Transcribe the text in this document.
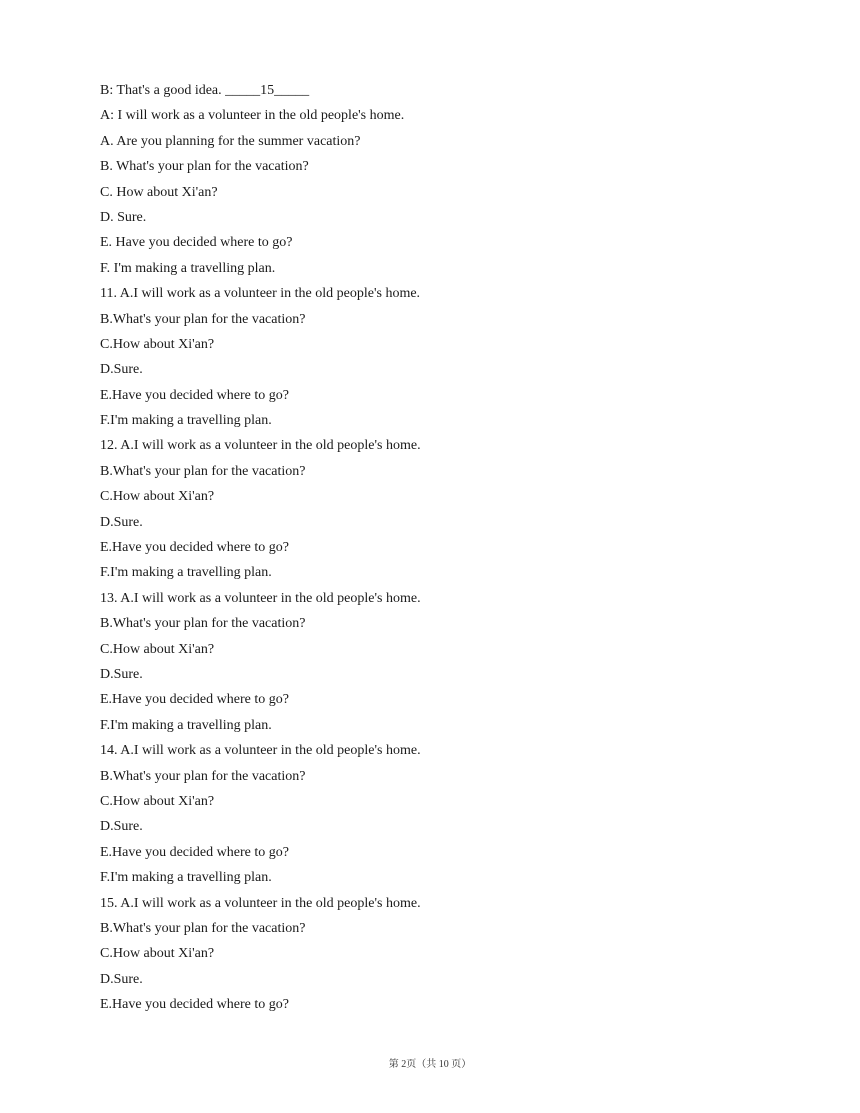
B: That's a good idea. _____15_____
A: I will work as a volunteer in the old people's home.
A. Are you planning for the summer vacation?
B. What's your plan for the vacation?
C. How about Xi'an?
D. Sure.
E. Have you decided where to go?
F. I'm making a travelling plan.
11. A.I will work as a volunteer in the old people's home.
B.What's your plan for the vacation?
C.How about Xi'an?
D.Sure.
E.Have you decided where to go?
F.I'm making a travelling plan.
12. A.I will work as a volunteer in the old people's home.
B.What's your plan for the vacation?
C.How about Xi'an?
D.Sure.
E.Have you decided where to go?
F.I'm making a travelling plan.
13. A.I will work as a volunteer in the old people's home.
B.What's your plan for the vacation?
C.How about Xi'an?
D.Sure.
E.Have you decided where to go?
F.I'm making a travelling plan.
14. A.I will work as a volunteer in the old people's home.
B.What's your plan for the vacation?
C.How about Xi'an?
D.Sure.
E.Have you decided where to go?
F.I'm making a travelling plan.
15. A.I will work as a volunteer in the old people's home.
B.What's your plan for the vacation?
C.How about Xi'an?
D.Sure.
E.Have you decided where to go?
第 2页（共 10 页）
